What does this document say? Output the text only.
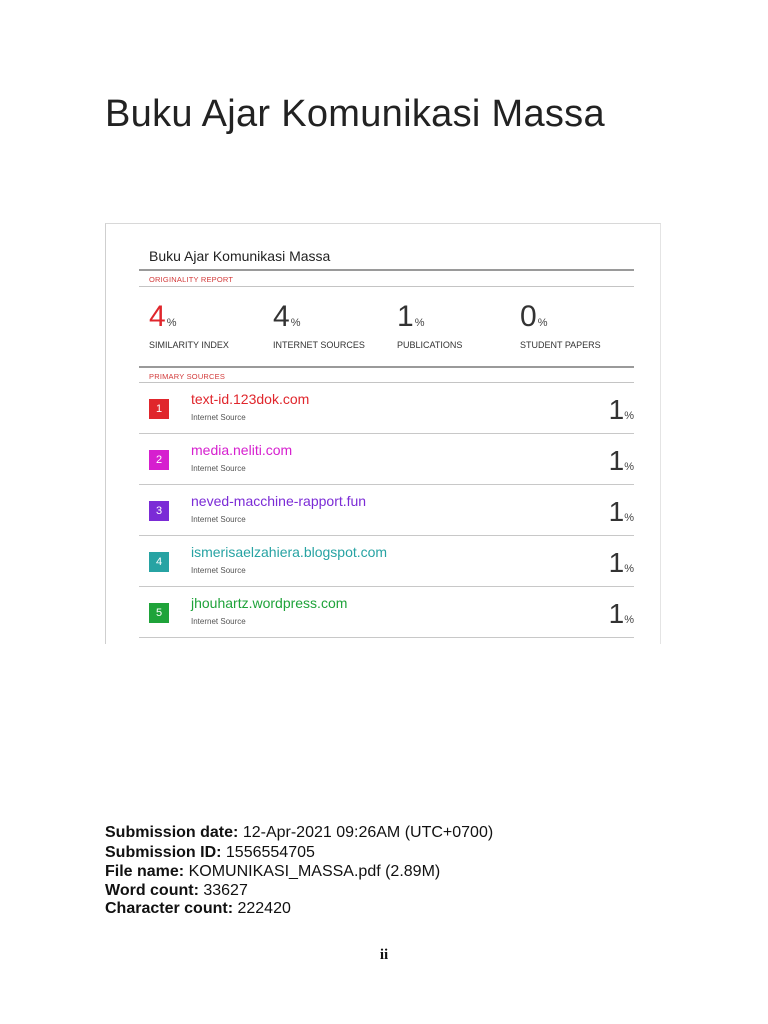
Buku Ajar Komunikasi Massa
Buku Ajar Komunikasi Massa
ORIGINALITY REPORT
4%
SIMILARITY INDEX
4%
INTERNET SOURCES
1%
PUBLICATIONS
0%
STUDENT PAPERS
PRIMARY SOURCES
1
text-id.123dok.com
Internet Source	1%
2
media.neliti.com
Internet Source	1%
3
neved-macchine-rapport.fun
Internet Source	1%
4
ismerisaelzahiera.blogspot.com
Internet Source	1%
5
jhouhartz.wordpress.com
Internet Source	1%
Submission date: 12-Apr-2021 09:26AM (UTC+0700)
Submission ID: 1556554705
File name: KOMUNIKASI_MASSA.pdf (2.89M)
Word count: 33627
Character count: 222420
ii
